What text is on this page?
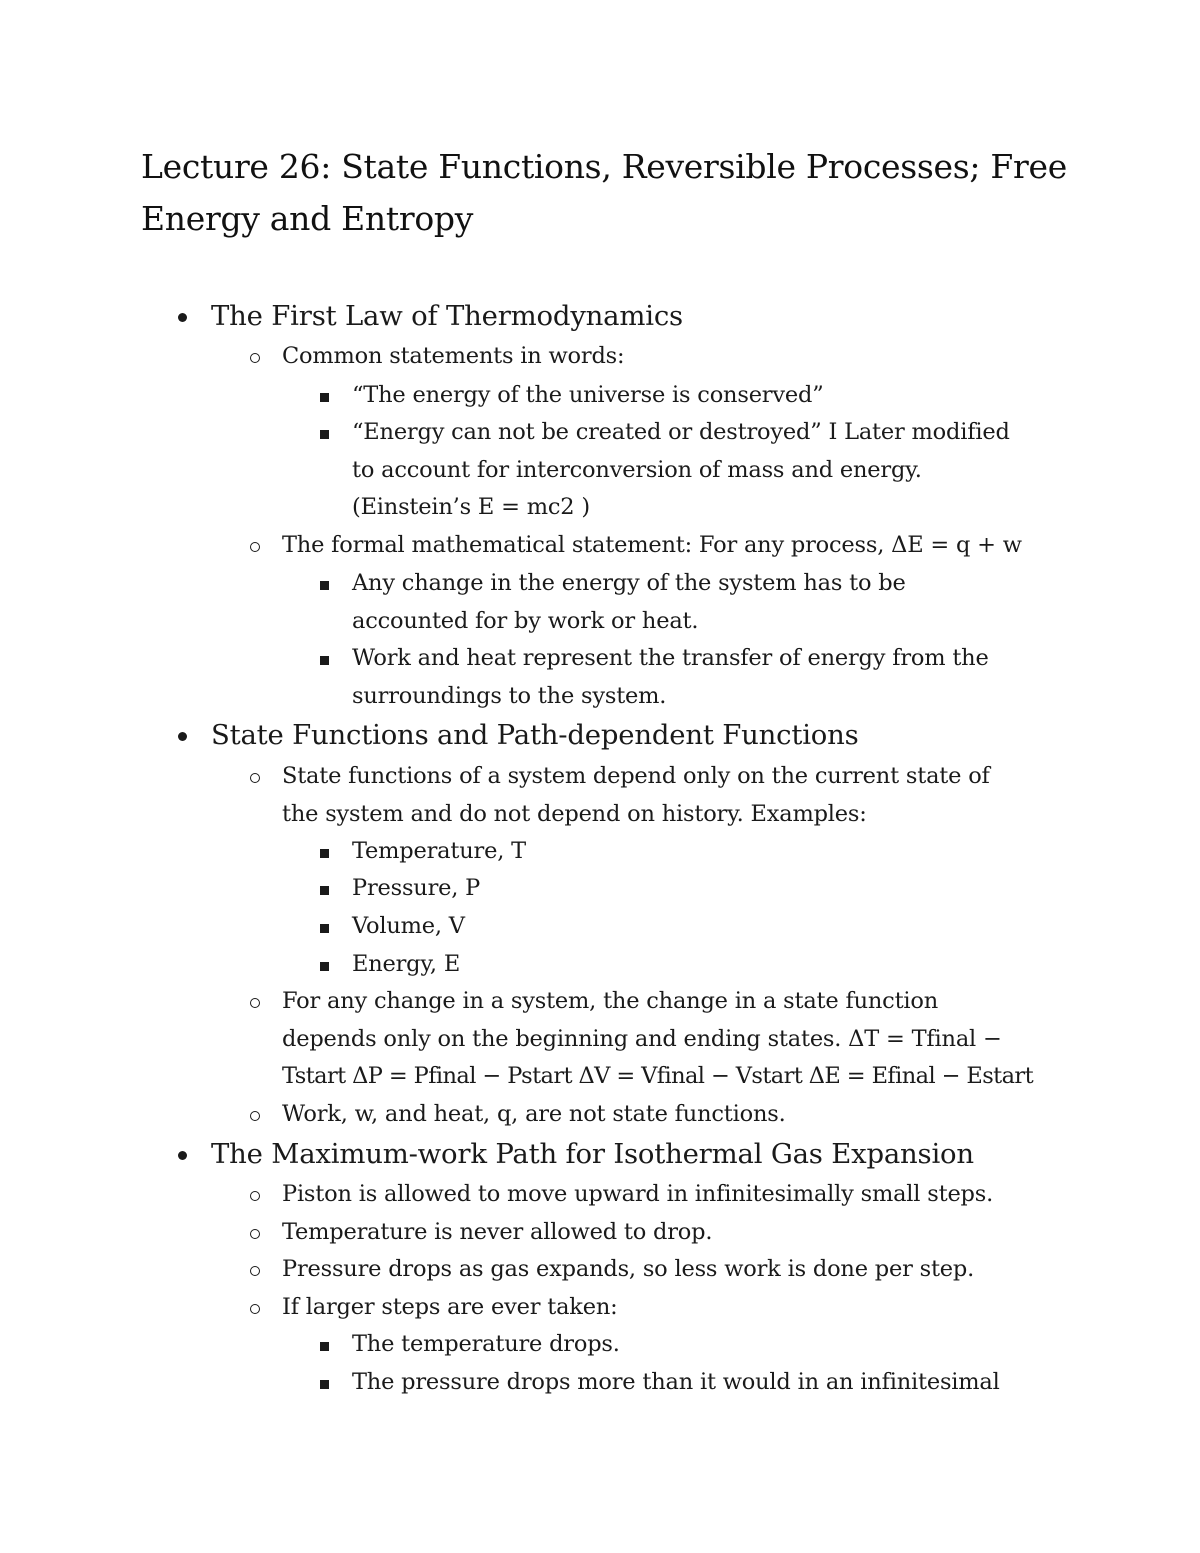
Lecture 26: State Functions, Reversible Processes; Free Energy and Entropy
The First Law of Thermodynamics
Common statements in words:
“The energy of the universe is conserved”
“Energy can not be created or destroyed” I Later modified
to account for interconversion of mass and energy.
(Einstein’s E = mc2 )
The formal mathematical statement: For any process, ΔE = q + w
Any change in the energy of the system has to be
accounted for by work or heat.
Work and heat represent the transfer of energy from the
surroundings to the system.
State Functions and Path-dependent Functions
State functions of a system depend only on the current state of
the system and do not depend on history. Examples:
Temperature, T
Pressure, P
Volume, V
Energy, E
For any change in a system, the change in a state function
depends only on the beginning and ending states. ΔT = Tfinal −
Tstart ΔP = Pfinal − Pstart ΔV = Vfinal − Vstart ΔE = Efinal − Estart
Work, w, and heat, q, are not state functions.
The Maximum-work Path for Isothermal Gas Expansion
Piston is allowed to move upward in infinitesimally small steps.
Temperature is never allowed to drop.
Pressure drops as gas expands, so less work is done per step.
If larger steps are ever taken:
The temperature drops.
The pressure drops more than it would in an infinitesimal
